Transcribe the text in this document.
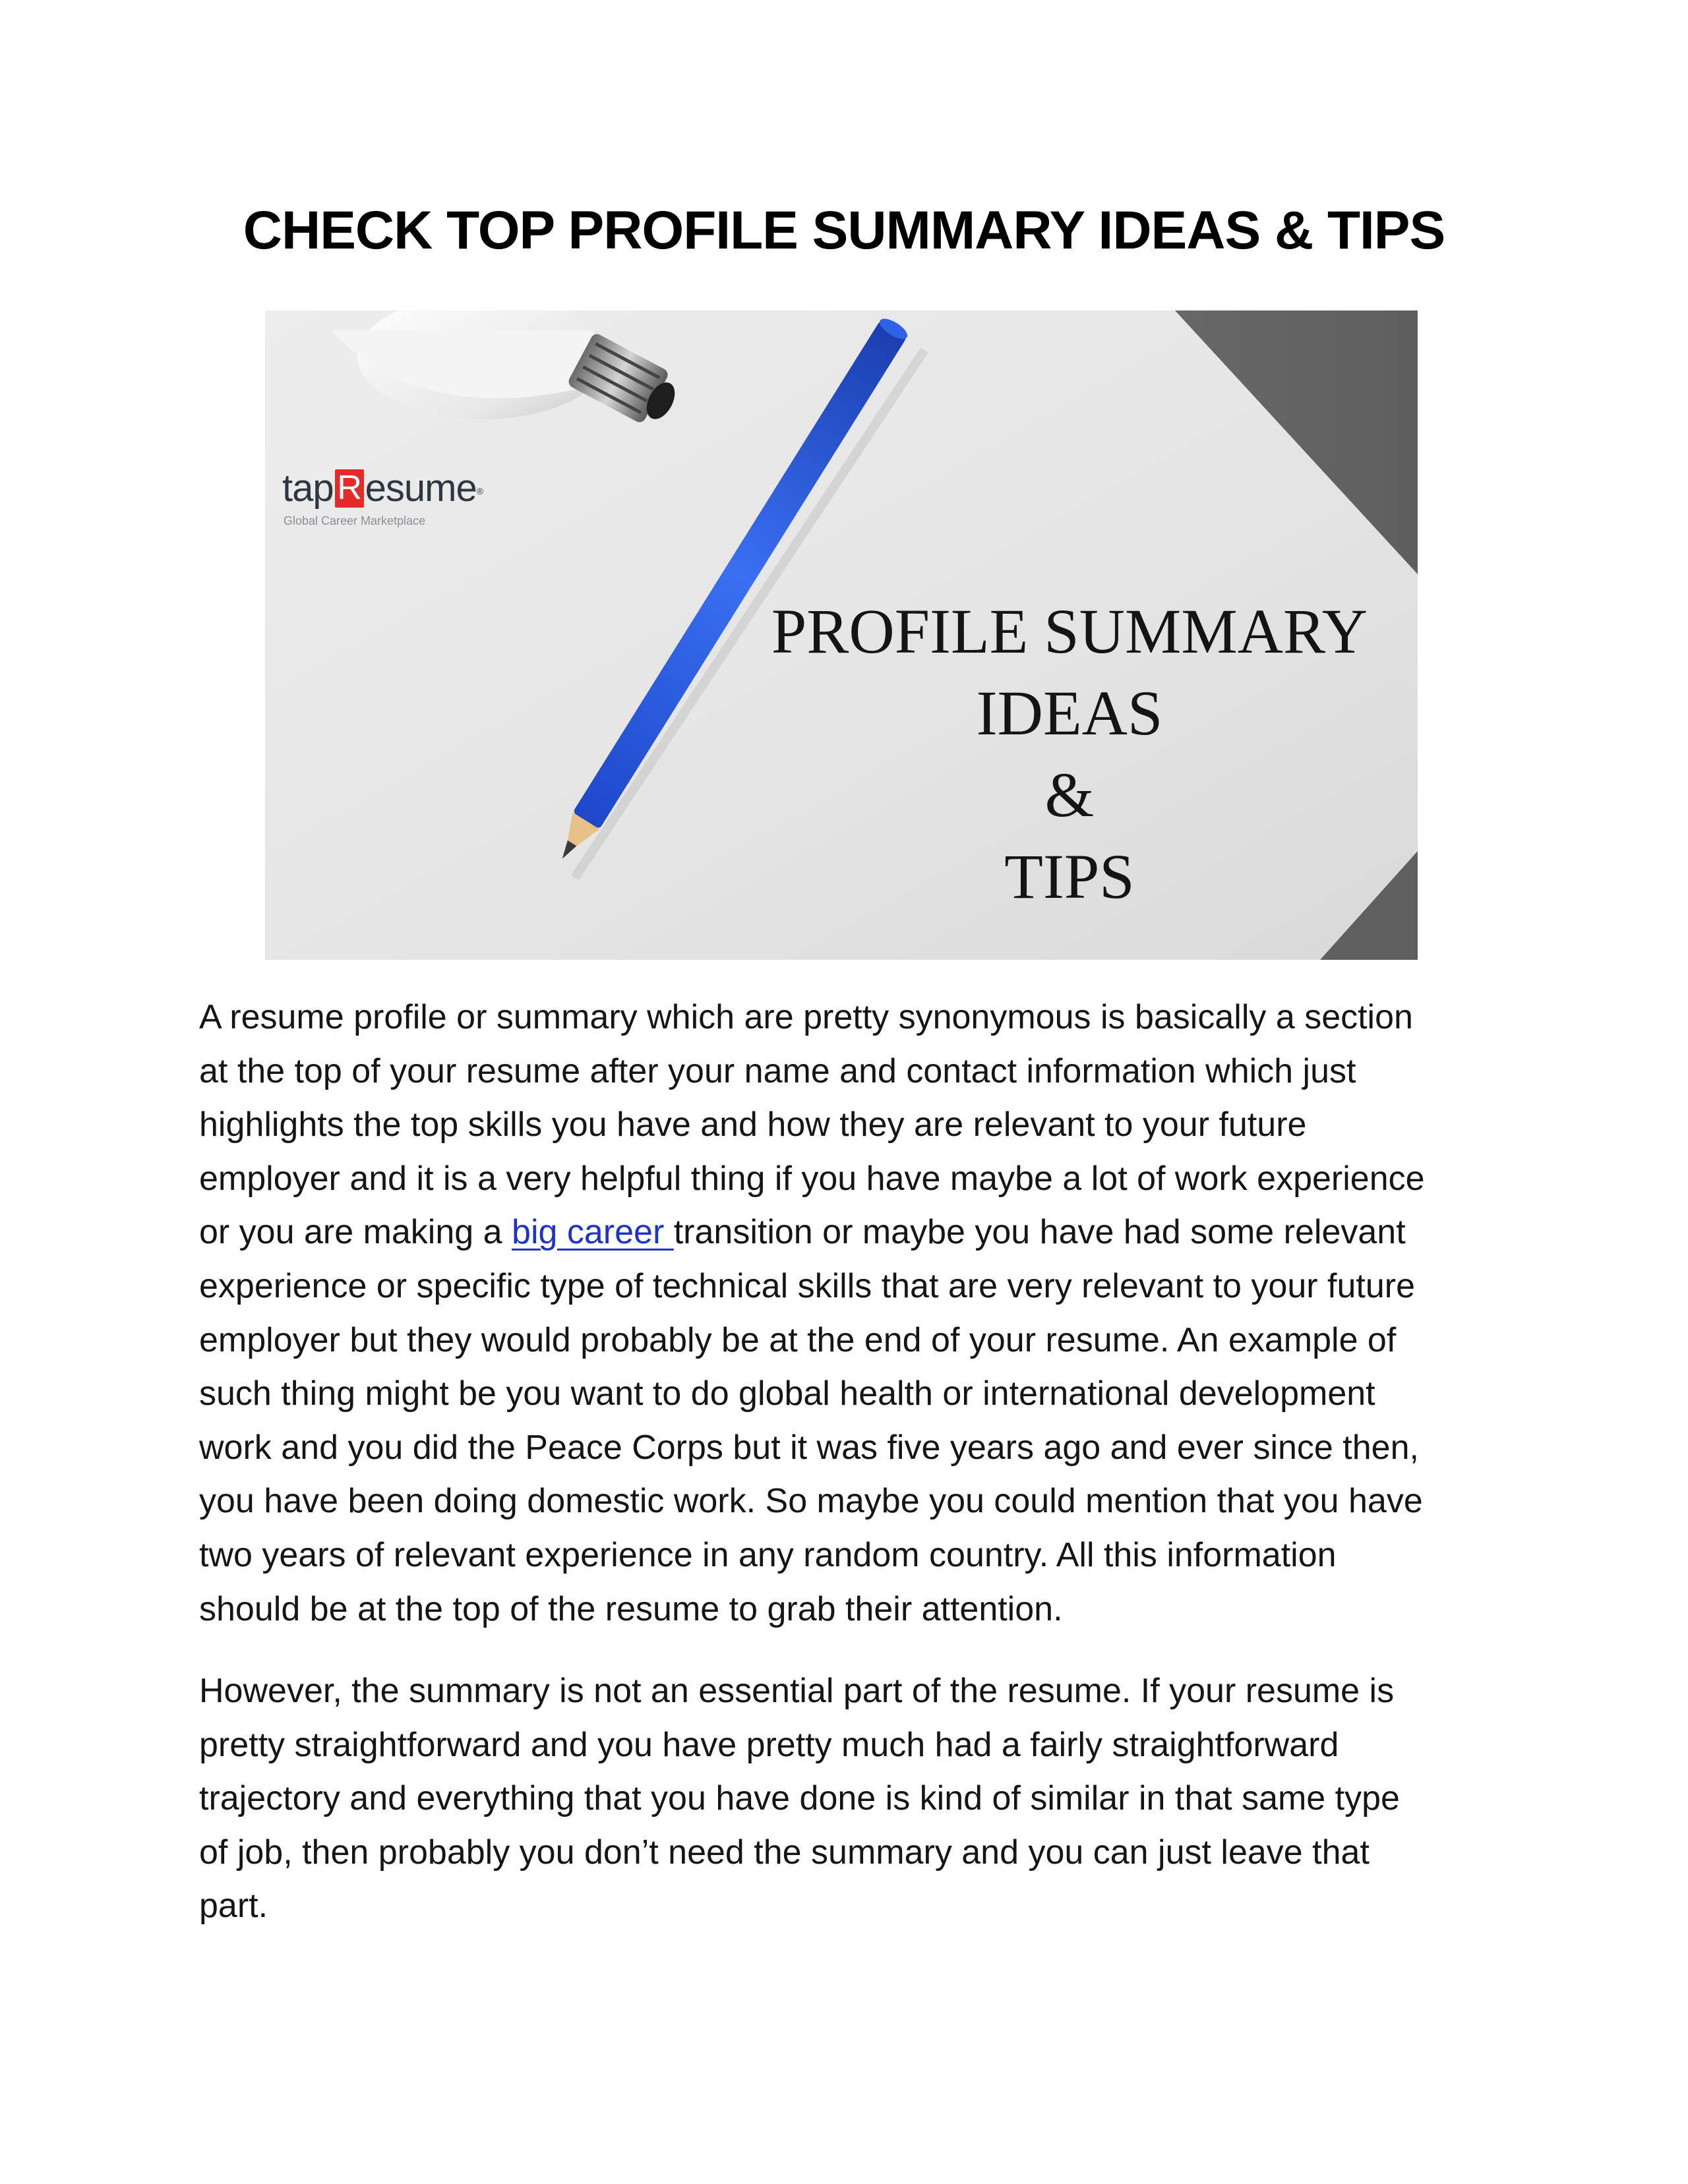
CHECK TOP PROFILE SUMMARY IDEAS & TIPS
tap R esume ®
Global Career Marketplace
PROFILE SUMMARY
IDEAS
&
TIPS

A resume profile or summary which are pretty synonymous is basically a section
at the top of your resume after your name and contact information which just
highlights the top skills you have and how they are relevant to your future
employer and it is a very helpful thing if you have maybe a lot of work experience
or you are making a big career transition or maybe you have had some relevant
experience or specific type of technical skills that are very relevant to your future
employer but they would probably be at the end of your resume. An example of
such thing might be you want to do global health or international development
work and you did the Peace Corps but it was five years ago and ever since then,
you have been doing domestic work. So maybe you could mention that you have
two years of relevant experience in any random country. All this information
should be at the top of the resume to grab their attention.

However, the summary is not an essential part of the resume. If your resume is
pretty straightforward and you have pretty much had a fairly straightforward
trajectory and everything that you have done is kind of similar in that same type
of job, then probably you don’t need the summary and you can just leave that
part.
